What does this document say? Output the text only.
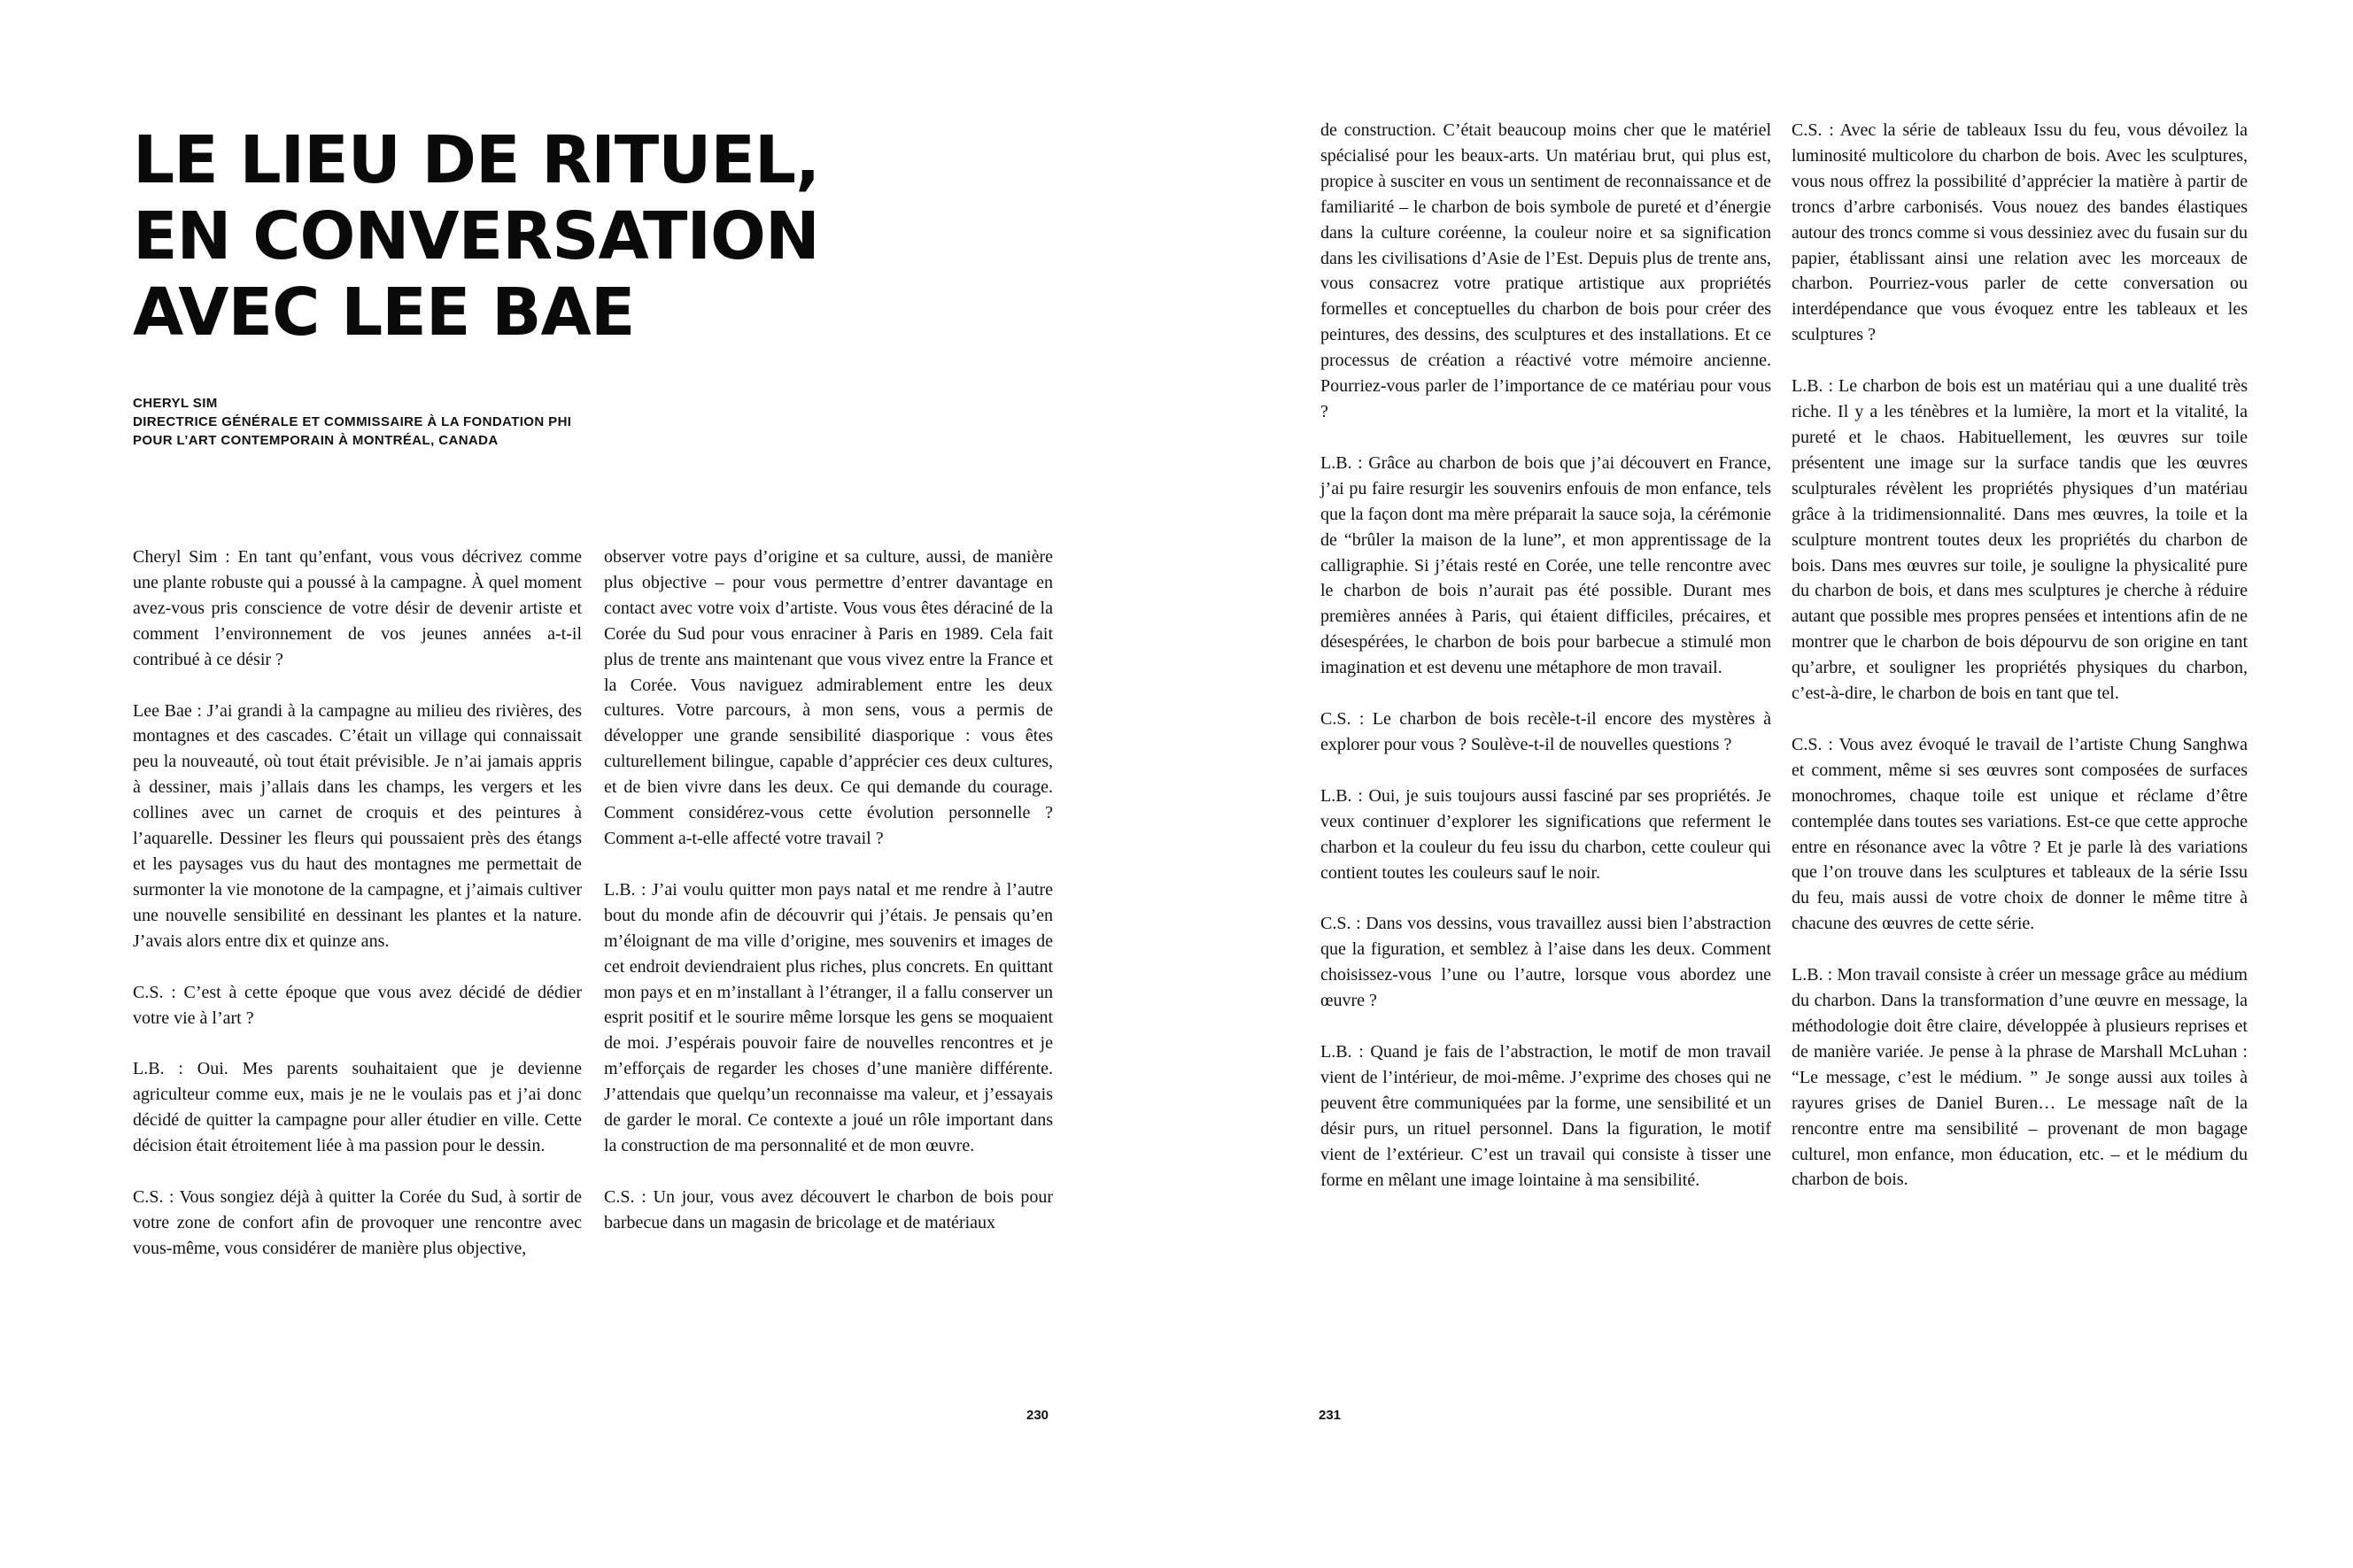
LE LIEU DE RITUEL,
EN CONVERSATION
AVEC LEE BAE
CHERYL SIM
DIRECTRICE GÉNÉRALE ET COMMISSAIRE À LA FONDATION PHI
POUR L’ART CONTEMPORAIN À MONTRÉAL, CANADA

Cheryl Sim : En tant qu’enfant, vous vous décrivez comme une plante robuste qui a poussé à la campagne. À quel moment avez-vous pris conscience de votre désir de devenir artiste et comment l’environnement de vos jeunes années a-t-il contribué à ce désir ?

Lee Bae : J’ai grandi à la campagne au milieu des rivières, des montagnes et des cascades. C’était un village qui connaissait peu la nouveauté, où tout était prévisible. Je n’ai jamais appris à dessiner, mais j’allais dans les champs, les vergers et les collines avec un carnet de croquis et des peintures à l’aquarelle. Dessiner les fleurs qui poussaient près des étangs et les paysages vus du haut des montagnes me permettait de surmonter la vie monotone de la campagne, et j’aimais cultiver une nouvelle sensibilité en dessinant les plantes et la nature. J’avais alors entre dix et quinze ans.

C.S. : C’est à cette époque que vous avez décidé de dédier votre vie à l’art ?

L.B. : Oui. Mes parents souhaitaient que je devienne agriculteur comme eux, mais je ne le voulais pas et j’ai donc décidé de quitter la campagne pour aller étudier en ville. Cette décision était étroitement liée à ma passion pour le dessin.

C.S. : Vous songiez déjà à quitter la Corée du Sud, à sortir de votre zone de confort afin de provoquer une rencontre avec vous-même, vous considérer de manière plus objective,

observer votre pays d’origine et sa culture, aussi, de manière plus objective – pour vous permettre d’entrer davantage en contact avec votre voix d’artiste. Vous vous êtes déraciné de la Corée du Sud pour vous enraciner à Paris en 1989. Cela fait plus de trente ans maintenant que vous vivez entre la France et la Corée. Vous naviguez admirablement entre les deux cultures. Votre parcours, à mon sens, vous a permis de développer une grande sensibilité diasporique : vous êtes culturellement bilingue, capable d’apprécier ces deux cultures, et de bien vivre dans les deux. Ce qui demande du courage. Comment considérez-vous cette évolution personnelle ? Comment a-t-elle affecté votre travail ?

L.B. : J’ai voulu quitter mon pays natal et me rendre à l’autre bout du monde afin de découvrir qui j’étais. Je pensais qu’en m’éloignant de ma ville d’origine, mes souvenirs et images de cet endroit deviendraient plus riches, plus concrets. En quittant mon pays et en m’installant à l’étranger, il a fallu conserver un esprit positif et le sourire même lorsque les gens se moquaient de moi. J’espérais pouvoir faire de nouvelles rencontres et je m’efforçais de regarder les choses d’une manière différente. J’attendais que quelqu’un reconnaisse ma valeur, et j’essayais de garder le moral. Ce contexte a joué un rôle important dans la construction de ma personnalité et de mon œuvre.

C.S. : Un jour, vous avez découvert le charbon de bois pour barbecue dans un magasin de bricolage et de matériaux

230

de construction. C’était beaucoup moins cher que le matériel spécialisé pour les beaux-arts. Un matériau brut, qui plus est, propice à susciter en vous un sentiment de reconnaissance et de familiarité – le charbon de bois symbole de pureté et d’énergie dans la culture coréenne, la couleur noire et sa signification dans les civilisations d’Asie de l’Est. Depuis plus de trente ans, vous consacrez votre pratique artistique aux propriétés formelles et conceptuelles du charbon de bois pour créer des peintures, des dessins, des sculptures et des installations. Et ce processus de création a réactivé votre mémoire ancienne. Pourriez-vous parler de l’importance de ce matériau pour vous ?

L.B. : Grâce au charbon de bois que j’ai découvert en France, j’ai pu faire resurgir les souvenirs enfouis de mon enfance, tels que la façon dont ma mère préparait la sauce soja, la cérémonie de “brûler la maison de la lune”, et mon apprentissage de la calligraphie. Si j’étais resté en Corée, une telle rencontre avec le charbon de bois n’aurait pas été possible. Durant mes premières années à Paris, qui étaient difficiles, précaires, et désespérées, le charbon de bois pour barbecue a stimulé mon imagination et est devenu une métaphore de mon travail.

C.S. : Le charbon de bois recèle-t-il encore des mystères à explorer pour vous ? Soulève-t-il de nouvelles questions ?

L.B. : Oui, je suis toujours aussi fasciné par ses propriétés. Je veux continuer d’explorer les significations que referment le charbon et la couleur du feu issu du charbon, cette couleur qui contient toutes les couleurs sauf le noir.

C.S. : Dans vos dessins, vous travaillez aussi bien l’abstraction que la figuration, et semblez à l’aise dans les deux. Comment choisissez-vous l’une ou l’autre, lorsque vous abordez une œuvre ?

L.B. : Quand je fais de l’abstraction, le motif de mon travail vient de l’intérieur, de moi-même. J’exprime des choses qui ne peuvent être communiquées par la forme, une sensibilité et un désir purs, un rituel personnel. Dans la figuration, le motif vient de l’extérieur. C’est un travail qui consiste à tisser une forme en mêlant une image lointaine à ma sensibilité.

C.S. : Avec la série de tableaux Issu du feu, vous dévoilez la luminosité multicolore du charbon de bois. Avec les sculptures, vous nous offrez la possibilité d’apprécier la matière à partir de troncs d’arbre carbonisés. Vous nouez des bandes élastiques autour des troncs comme si vous dessiniez avec du fusain sur du papier, établissant ainsi une relation avec les morceaux de charbon. Pourriez-vous parler de cette conversation ou interdépendance que vous évoquez entre les tableaux et les sculptures ?

L.B. : Le charbon de bois est un matériau qui a une dualité très riche. Il y a les ténèbres et la lumière, la mort et la vitalité, la pureté et le chaos. Habituellement, les œuvres sur toile présentent une image sur la surface tandis que les œuvres sculpturales révèlent les propriétés physiques d’un matériau grâce à la tridimensionnalité. Dans mes œuvres, la toile et la sculpture montrent toutes deux les propriétés du charbon de bois. Dans mes œuvres sur toile, je souligne la physicalité pure du charbon de bois, et dans mes sculptures je cherche à réduire autant que possible mes propres pensées et intentions afin de ne montrer que le charbon de bois dépourvu de son origine en tant qu’arbre, et souligner les propriétés physiques du charbon, c’est-à-dire, le charbon de bois en tant que tel.

C.S. : Vous avez évoqué le travail de l’artiste Chung Sanghwa et comment, même si ses œuvres sont composées de surfaces monochromes, chaque toile est unique et réclame d’être contemplée dans toutes ses variations. Est-ce que cette approche entre en résonance avec la vôtre ? Et je parle là des variations que l’on trouve dans les sculptures et tableaux de la série Issu du feu, mais aussi de votre choix de donner le même titre à chacune des œuvres de cette série.

L.B. : Mon travail consiste à créer un message grâce au médium du charbon. Dans la transformation d’une œuvre en message, la méthodologie doit être claire, développée à plusieurs reprises et de manière variée. Je pense à la phrase de Marshall McLuhan : “Le message, c’est le médium. ” Je songe aussi aux toiles à rayures grises de Daniel Buren… Le message naît de la rencontre entre ma sensibilité – provenant de mon bagage culturel, mon enfance, mon éducation, etc. – et le médium du charbon de bois.

231
